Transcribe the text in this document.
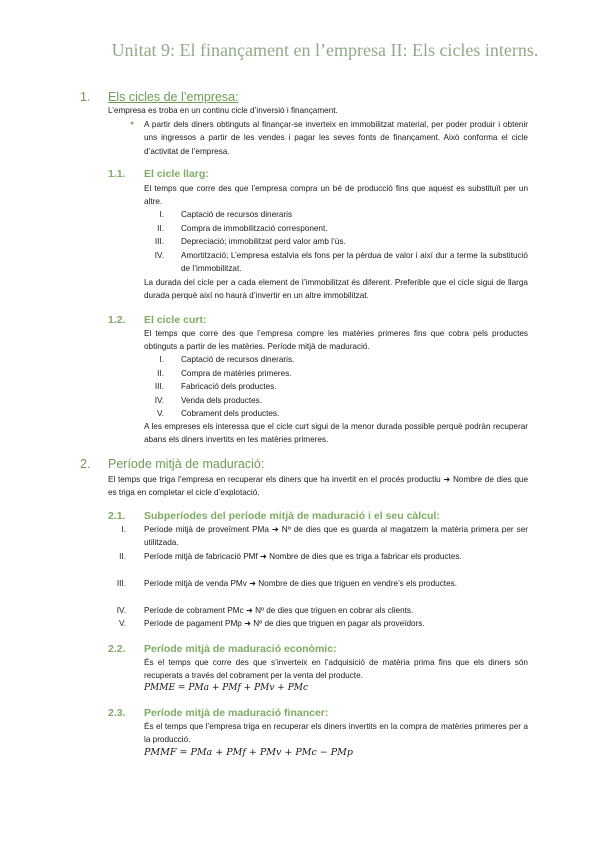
Unitat 9: El finançament en l’empresa II: Els cicles interns.
1.	Els cicles de l’empresa:

L’empresa es troba en un continu cicle d’inversió i finançament.

● A partir dels diners obtinguts al finançar-se inverteix en immobilitzat material, per poder produir i obtenir uns ingressos a partir de les vendes i pagar les seves fonts de finançament. Això conforma el cicle d’activitat de l’empresa.

1.1.	El cicle llarg:

El temps que corre des que l’empresa compra un bé de producció fins que aquest es substituït per un altre.

I. Captació de recursos dineraris
II. Compra de immobilització corresponent.
III. Depreciació; immobilitzat perd valor amb l’ús.
IV. Amortització; L’empresa estalvia els fons per la pèrdua de valor i així dur a terme la substitució de l’immobilitzat.

La durada del cicle per a cada element de l’immobilitzat és diferent. Preferible que el cicle sigui de llarga durada perquè així no haurà d’invertir en un altre immobilitzat.

1.2.	El cicle curt:

El temps que corre des que l’empresa compre les matèries primeres fins que cobra pels productes obtinguts a partir de les matèries. Període mitjà de maduració.

I. Captació de recursos dineraris.
II. Compra de matèries primeres.
III. Fabricació dels productes.
IV. Venda dels productes.
V. Cobrament dels productes.

A les empreses els interessa que el cicle curt sigui de la menor durada possible perquè podràn recuperar abans els diners invertits en les matèries primeres.

2.	Període mitjà de maduració:

El temps que triga l’empresa en recuperar els diners que ha invertit en el procés productiu ➜ Nombre de dies que es triga en completar el cicle d’explotació.

2.1.	Subperíodes del període mitjà de maduració i el seu càlcul:
I. Període mitjà de proveïment PMa ➜ Nº de dies que es guarda al magatzem la matèria primera per ser utilitzada.
II. Període mitjà de fabricació PMf ➜ Nombre de dies que es triga a fabricar els productes.
III. Període mitjà de venda PMv ➜ Nombre de dies que triguen en vendre’s els productes.
IV. Període de cobrament PMc ➜ Nº de dies que triguen en cobrar als clients.
V. Període de pagament PMp ➜ Nº de dies que triguen en pagar als proveïdors.
2.2.	Període mitjà de maduració econòmic:

És el temps que corre des que s’inverteix en l’adquisició de matèria prima fins que els diners són recuperats a través del cobrament per la venta del producte.

PMME = PMa + PMf + PMv + PMc
2.3.	Període mitjà de maduració financer:

És el temps que l’empresa triga en recuperar els diners invertits en la compra de matèries primeres per a la producció.

PMMF = PMa + PMf + PMv + PMc − PMp
